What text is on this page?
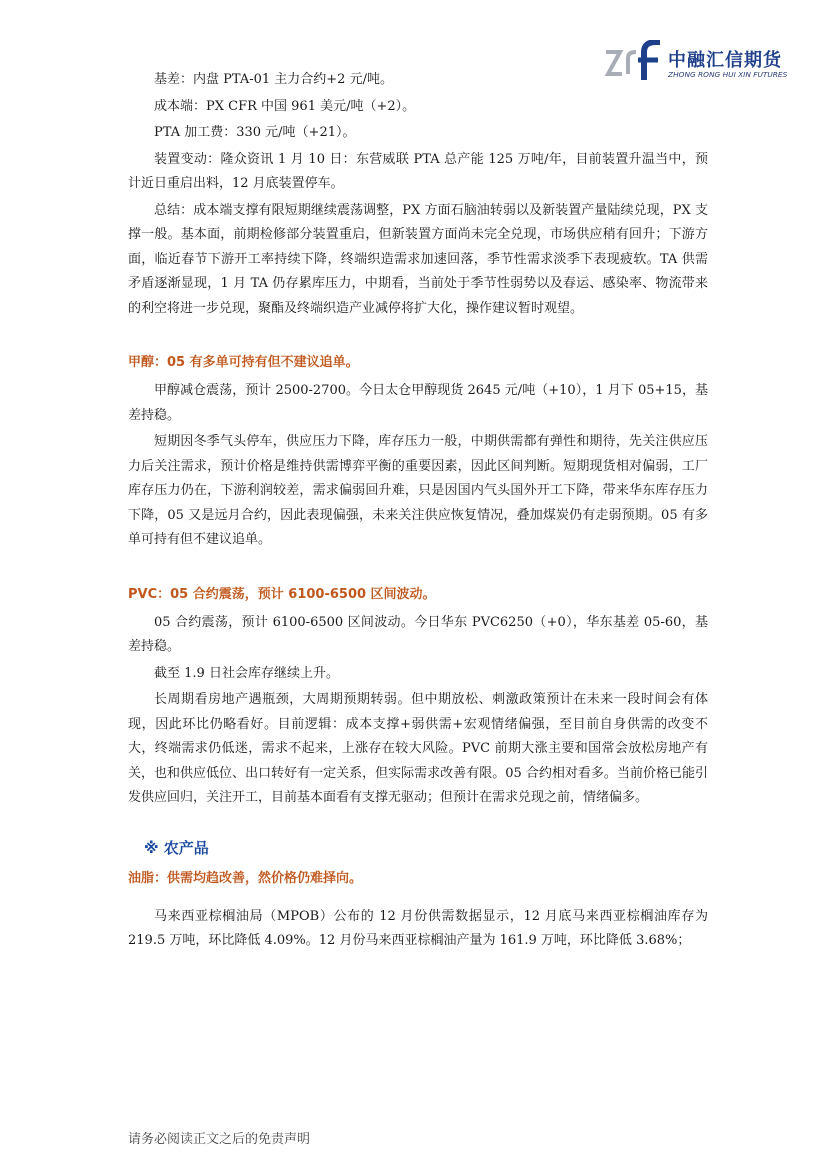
中融汇信期货
ZHONG RONG HUI XIN FUTURES

基差：内盘 PTA-01 主力合约+2 元/吨。

成本端：PX CFR 中国 961 美元/吨（+2）。

PTA 加工费：330 元/吨（+21）。

装置变动：隆众资讯 1 月 10 日：东营威联 PTA 总产能 125 万吨/年，目前装置升温当中，预计近日重启出料，12 月底装置停车。

总结：成本端支撑有限短期继续震荡调整，PX 方面石脑油转弱以及新装置产量陆续兑现，PX 支撑一般。基本面，前期检修部分装置重启，但新装置方面尚未完全兑现，市场供应稍有回升；下游方面，临近春节下游开工率持续下降，终端织造需求加速回落，季节性需求淡季下表现疲软。TA 供需矛盾逐渐显现，1 月 TA 仍存累库压力，中期看，当前处于季节性弱势以及春运、感染率、物流带来的利空将进一步兑现，聚酯及终端织造产业减停将扩大化，操作建议暂时观望。

甲醇：05 有多单可持有但不建议追单。

甲醇减仓震荡，预计 2500-2700。今日太仓甲醇现货 2645 元/吨（+10），1 月下 05+15，基差持稳。

短期因冬季气头停车，供应压力下降，库存压力一般，中期供需都有弹性和期待，先关注供应压力后关注需求，预计价格是维持供需博弈平衡的重要因素，因此区间判断。短期现货相对偏弱，工厂库存压力仍在，下游利润较差，需求偏弱回升难，只是因国内气头国外开工下降，带来华东库存压力下降，05 又是远月合约，因此表现偏强，未来关注供应恢复情况，叠加煤炭仍有走弱预期。05 有多单可持有但不建议追单。

PVC：05 合约震荡，预计 6100-6500 区间波动。

05 合约震荡，预计 6100-6500 区间波动。今日华东 PVC6250（+0），华东基差 05-60，基差持稳。

截至 1.9 日社会库存继续上升。

长周期看房地产遇瓶颈，大周期预期转弱。但中期放松、刺激政策预计在未来一段时间会有体现，因此环比仍略看好。目前逻辑：成本支撑+弱供需+宏观情绪偏强，至目前自身供需的改变不大，终端需求仍低迷，需求不起来，上涨存在较大风险。PVC 前期大涨主要和国常会放松房地产有关，也和供应低位、出口转好有一定关系，但实际需求改善有限。05 合约相对看多。当前价格已能引发供应回归，关注开工，目前基本面看有支撑无驱动；但预计在需求兑现之前，情绪偏多。

※ 农产品
油脂：供需均趋改善，然价格仍难择向。

马来西亚棕榈油局（MPOB）公布的 12 月份供需数据显示，12 月底马来西亚棕榈油库存为 219.5 万吨，环比降低 4.09%。12 月份马来西亚棕榈油产量为 161.9 万吨，环比降低 3.68%；

请务必阅读正文之后的免责声明
